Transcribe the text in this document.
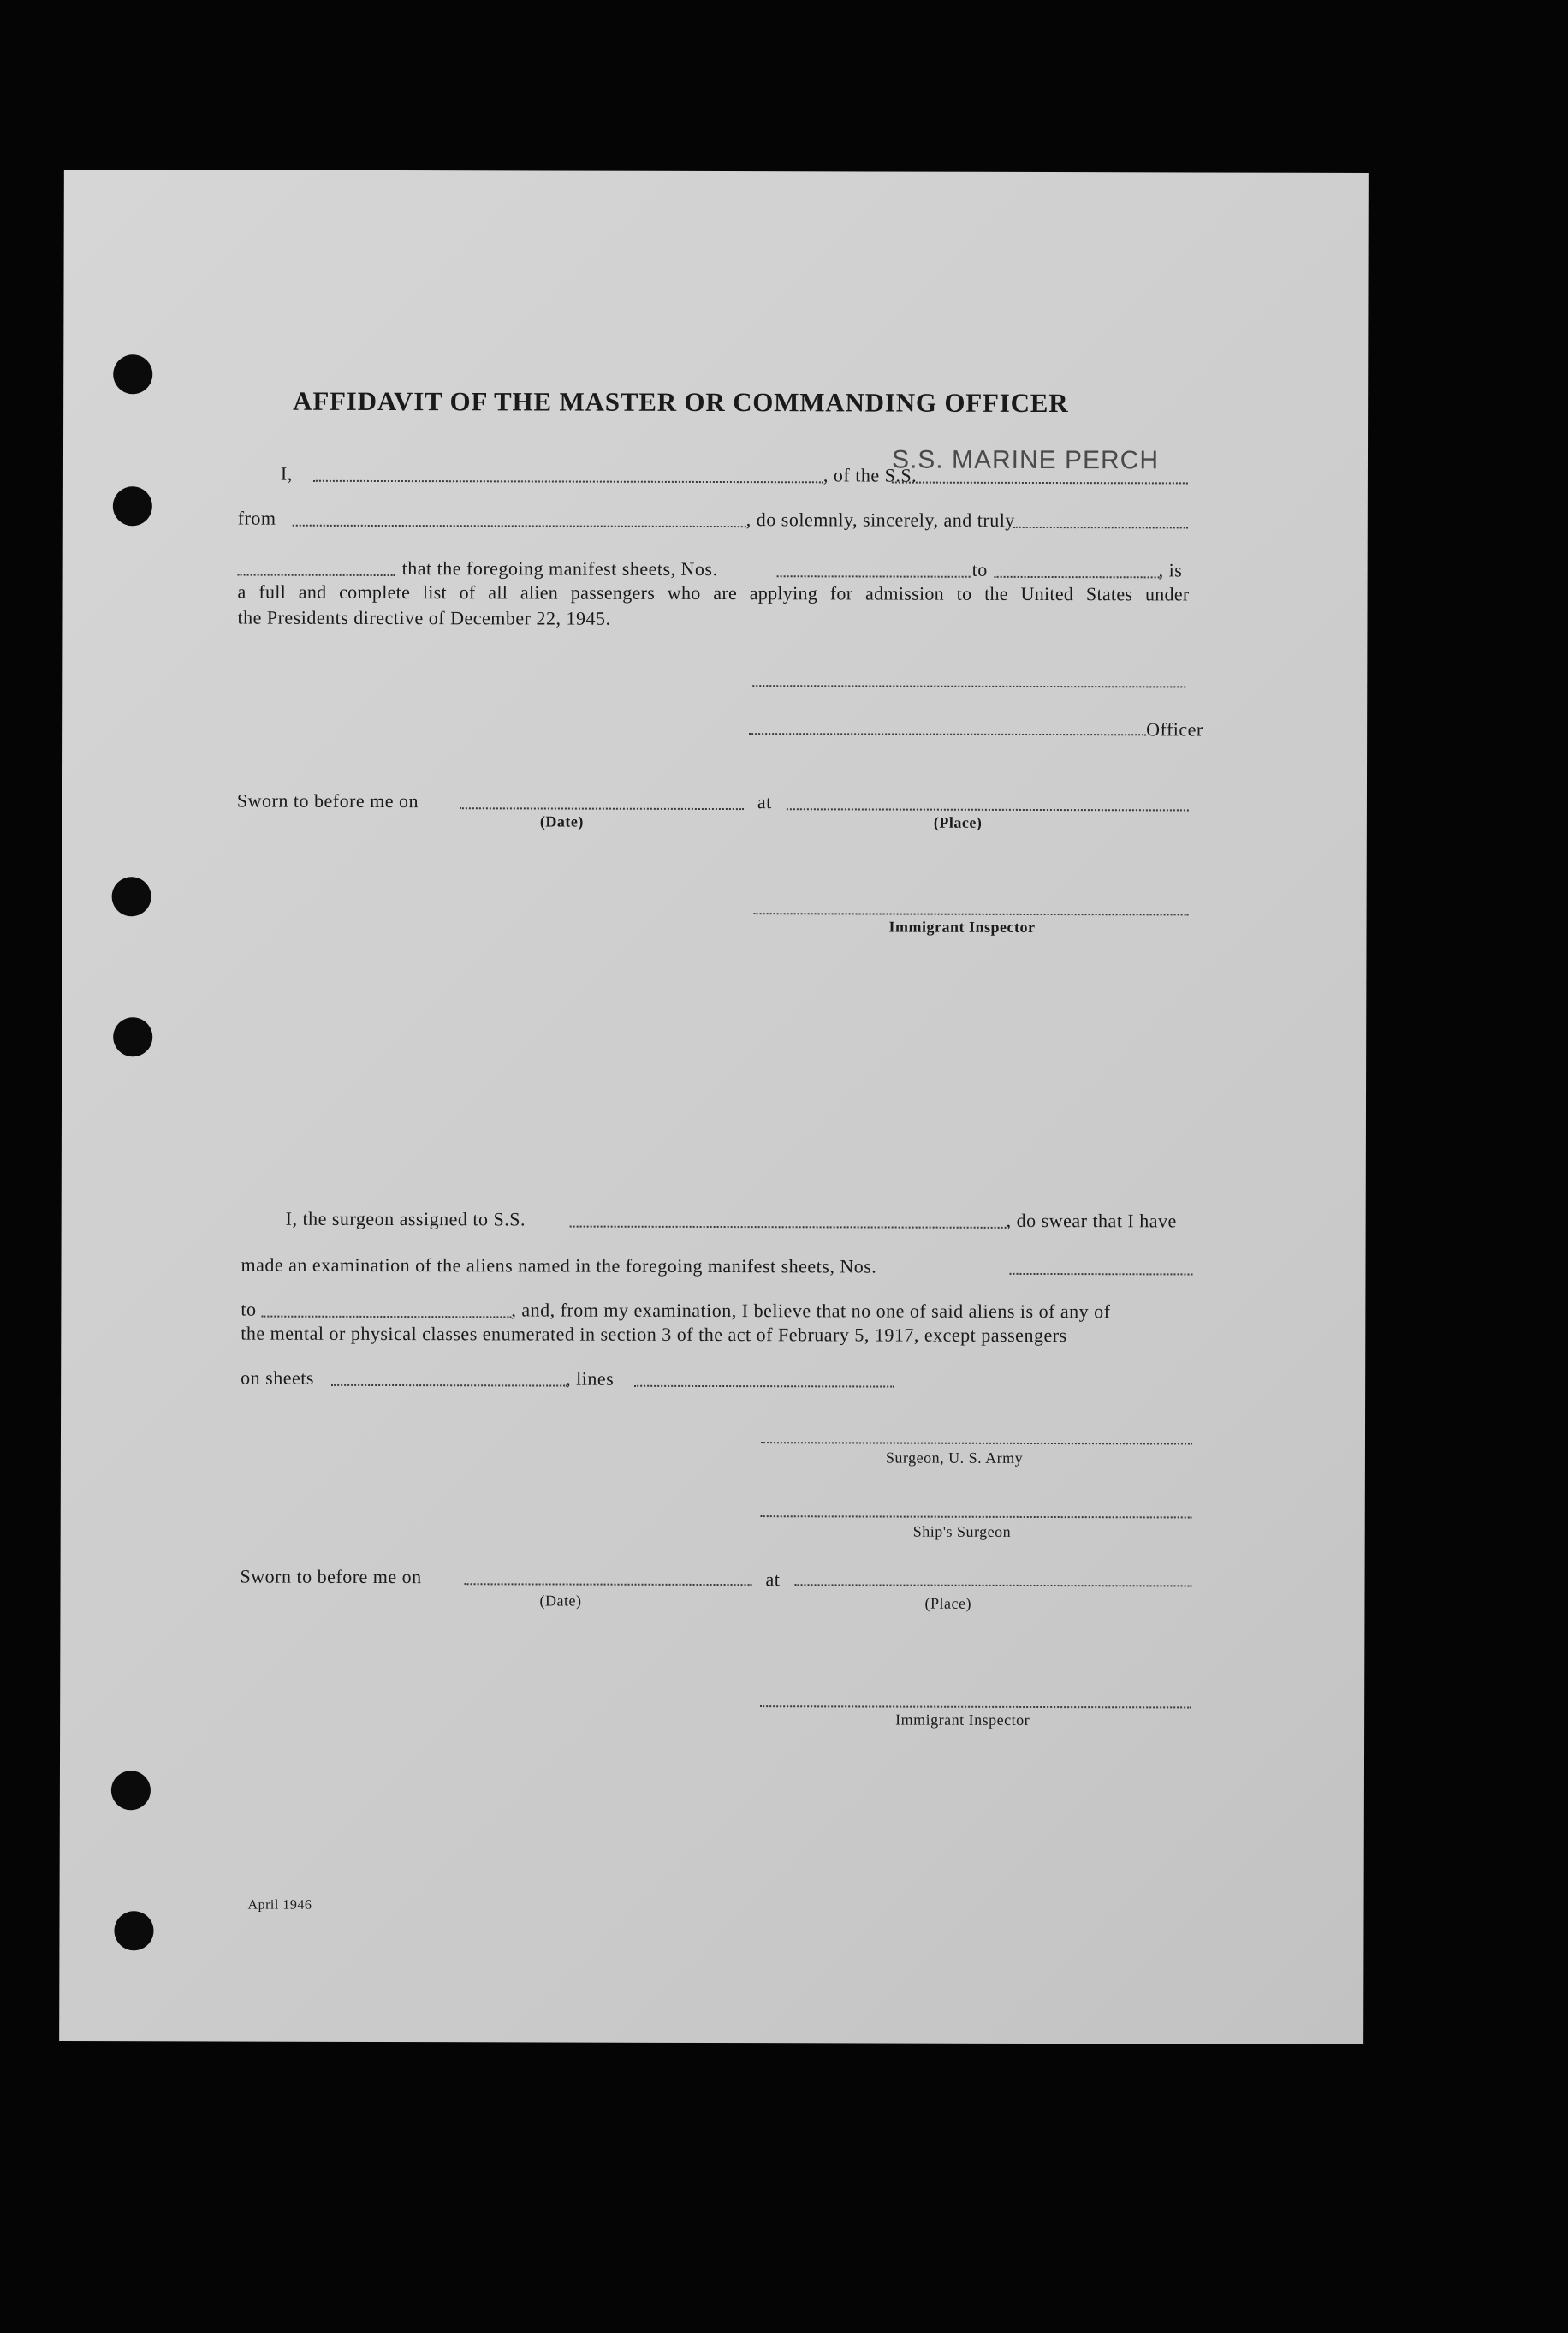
AFFIDAVIT OF THE MASTER OR COMMANDING OFFICER
I,	, of the S.S.
S.S. MARINE PERCH
from	, do solemnly, sincerely, and truly
that the foregoing manifest sheets, Nos.	to	, is
a full and complete list of all alien passengers who are applying for admission to the United States under
the Presidents directive of December 22, 1945.
Officer
Sworn to before me on	at
(Date)	(Place)
Immigrant Inspector
I, the surgeon assigned to S.S.	, do swear that I have
made an examination of the aliens named in the foregoing manifest sheets, Nos.
to	, and, from my examination, I believe that no one of said aliens is of any of
the mental or physical classes enumerated in section 3 of the act of February 5, 1917, except passengers
on sheets	, lines
Surgeon, U. S. Army
Ship's Surgeon
Sworn to before me on	at
(Date)	(Place)
Immigrant Inspector
April 1946
